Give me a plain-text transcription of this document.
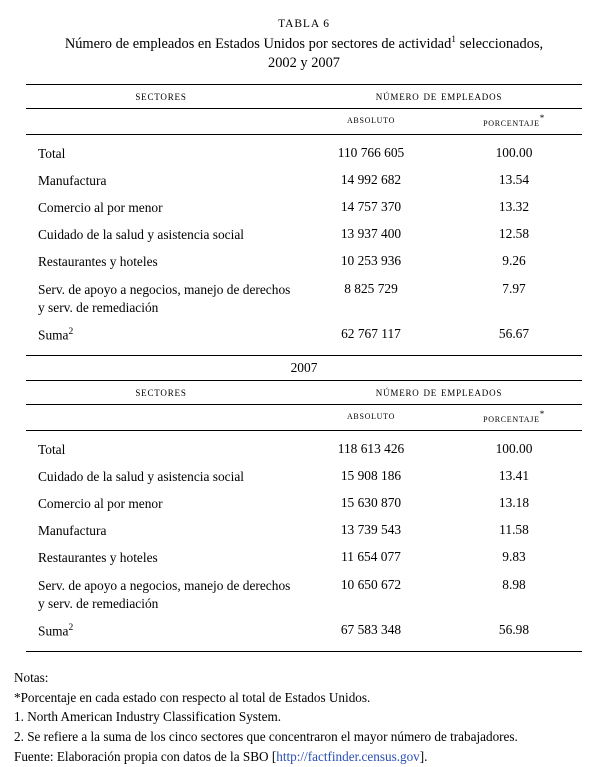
TABLA 6
Número de empleados en Estados Unidos por sectores de actividad$^1$ seleccionados,
2002 y 2007
sectores	número de empleados	
	absoluto	porcentaje*

Total	110 766 605	100.00
Manufactura	14 992 682	13.54
Comercio al por menor	14 757 370	13.32
Cuidado de la salud y asistencia social	13 937 400	12.58
Restaurantes y hoteles	10 253 936	9.26
Serv. de apoyo a negocios, manejo de derechos y serv. de remediación	8 825 729	7.97
Suma$^2$	62 767 117	56.67

2007		
sectores	número de empleados	
	absoluto	porcentaje*

Total	118 613 426	100.00
Cuidado de la salud y asistencia social	15 908 186	13.41
Comercio al por menor	15 630 870	13.18
Manufactura	13 739 543	11.58
Restaurantes y hoteles	11 654 077	9.83
Serv. de apoyo a negocios, manejo de derechos y serv. de remediación	10 650 672	8.98
Suma$^2$	67 583 348	56.98

Notas:
*Porcentaje en cada estado con respecto al total de Estados Unidos.
1. North American Industry Classification System.
2. Se refiere a la suma de los cinco sectores que concentraron el mayor número de trabajadores.
Fuente: Elaboración propia con datos de la SBO [http://factfinder.census.gov].
